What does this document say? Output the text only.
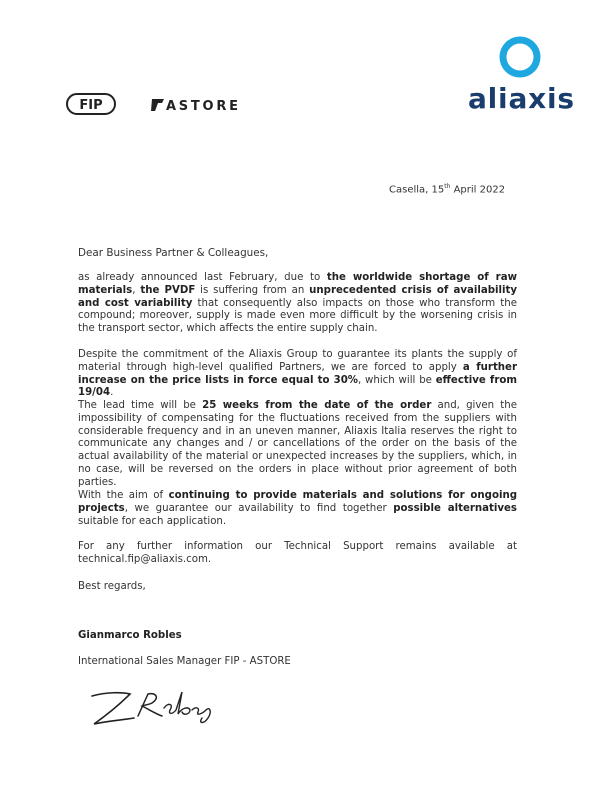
FIP	ASTORE	aliaxis
Casella, 15th April 2022
Dear Business Partner & Colleagues,

as already announced last February, due to the worldwide shortage of raw materials, the PVDF is suffering from an unprecedented crisis of availability and cost variability that consequently also impacts on those who transform the compound; moreover, supply is made even more difficult by the worsening crisis in the transport sector, which affects the entire supply chain.

Despite the commitment of the Aliaxis Group to guarantee its plants the supply of material through high-level qualified Partners, we are forced to apply a further increase on the price lists in force equal to 30%, which will be effective from 19/04.

The lead time will be 25 weeks from the date of the order and, given the impossibility of compensating for the fluctuations received from the suppliers with considerable frequency and in an uneven manner, Aliaxis Italia reserves the right to communicate any changes and / or cancellations of the order on the basis of the actual availability of the material or unexpected increases by the suppliers, which, in no case, will be reversed on the orders in place without prior agreement of both parties.

With the aim of continuing to provide materials and solutions for ongoing projects, we guarantee our availability to find together possible alternatives suitable for each application.

For any further information our Technical Support remains available at technical.fip@aliaxis.com.

Best regards,
Gianmarco Robles
International Sales Manager FIP - ASTORE
